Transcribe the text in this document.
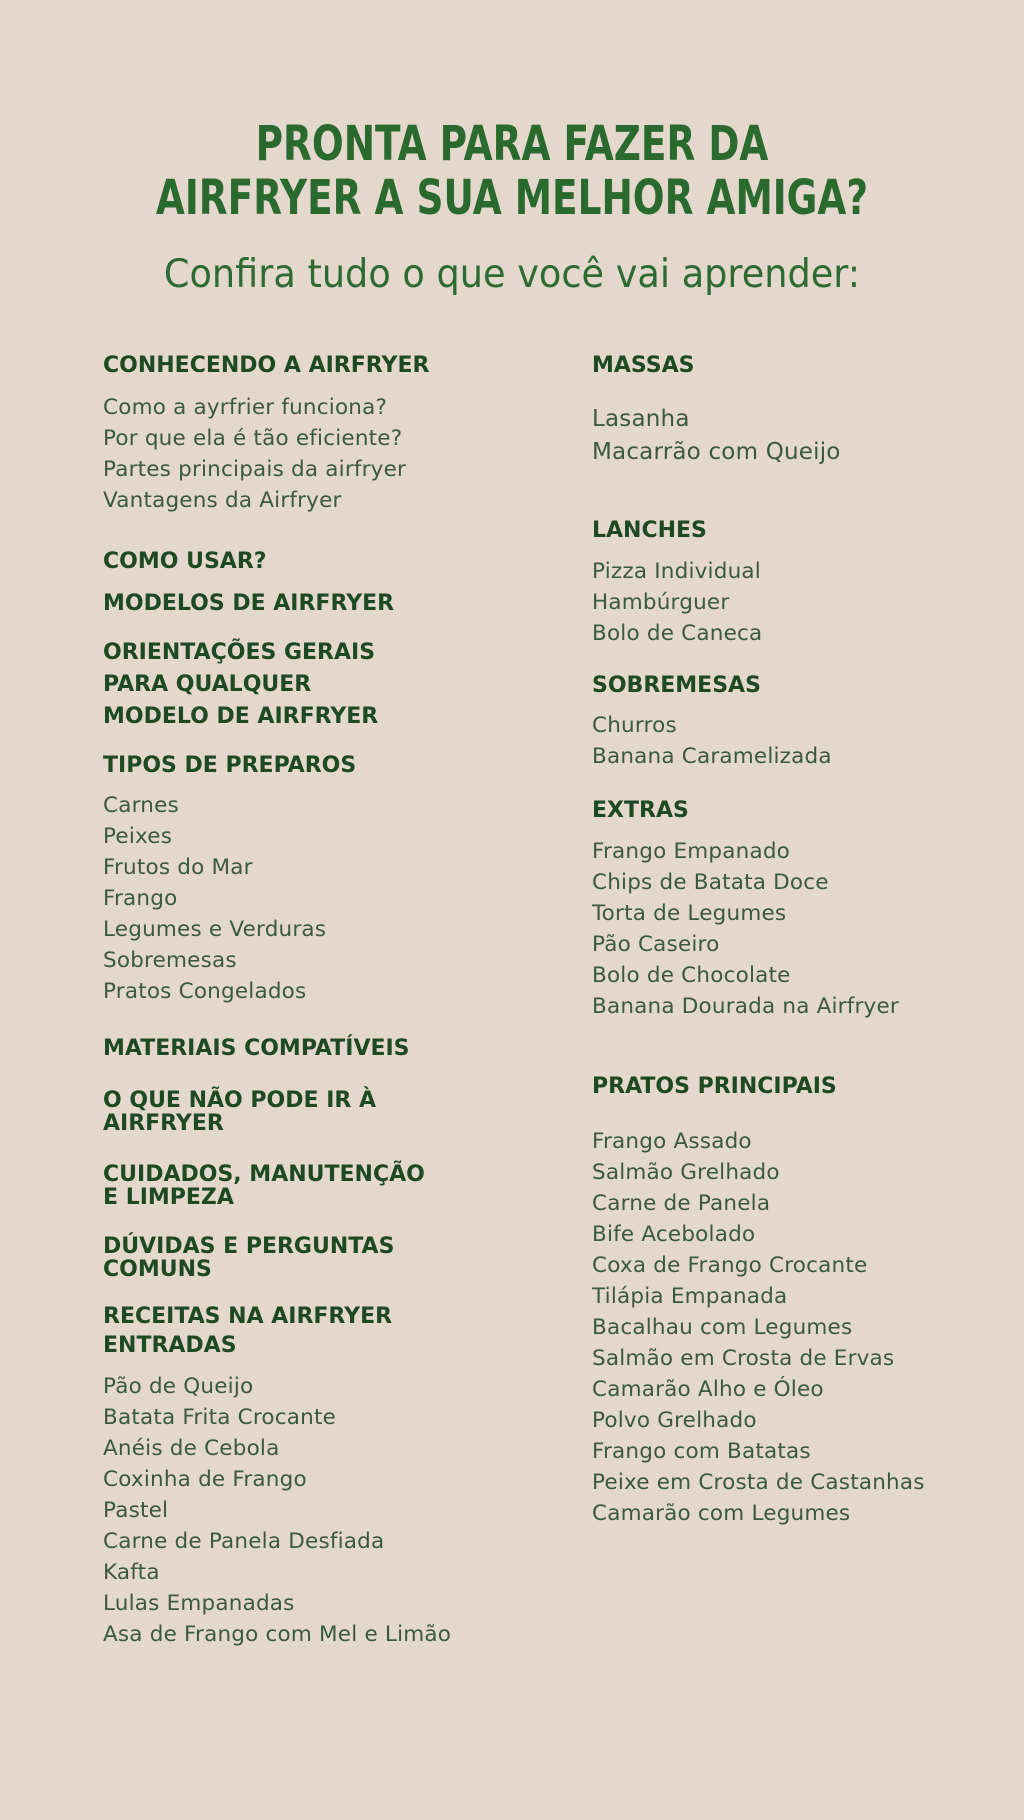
PRONTA PARA FAZER DA
AIRFRYER A SUA MELHOR AMIGA?

Confira tudo o que você vai aprender:

CONHECENDO A AIRFRYER
Como a ayrfrier funciona?
Por que ela é tão eficiente?
Partes principais da airfryer
Vantagens da Airfryer
COMO USAR?
MODELOS DE AIRFRYER
ORIENTAÇÕES GERAIS
PARA QUALQUER
MODELO DE AIRFRYER
TIPOS DE PREPAROS
Carnes
Peixes
Frutos do Mar
Frango
Legumes e Verduras
Sobremesas
Pratos Congelados
MATERIAIS COMPATÍVEIS
O QUE NÃO PODE IR À
AIRFRYER
CUIDADOS, MANUTENÇÃO
E LIMPEZA
DÚVIDAS E PERGUNTAS
COMUNS
RECEITAS NA AIRFRYER
ENTRADAS
Pão de Queijo
Batata Frita Crocante
Anéis de Cebola
Coxinha de Frango
Pastel
Carne de Panela Desfiada
Kafta
Lulas Empanadas
Asa de Frango com Mel e Limão
MASSAS
Lasanha
Macarrão com Queijo
LANCHES
Pizza Individual
Hambúrguer
Bolo de Caneca
SOBREMESAS
Churros
Banana Caramelizada
EXTRAS
Frango Empanado
Chips de Batata Doce
Torta de Legumes
Pão Caseiro
Bolo de Chocolate
Banana Dourada na Airfryer
PRATOS PRINCIPAIS
Frango Assado
Salmão Grelhado
Carne de Panela
Bife Acebolado
Coxa de Frango Crocante
Tilápia Empanada
Bacalhau com Legumes
Salmão em Crosta de Ervas
Camarão Alho e Óleo
Polvo Grelhado
Frango com Batatas
Peixe em Crosta de Castanhas
Camarão com Legumes
